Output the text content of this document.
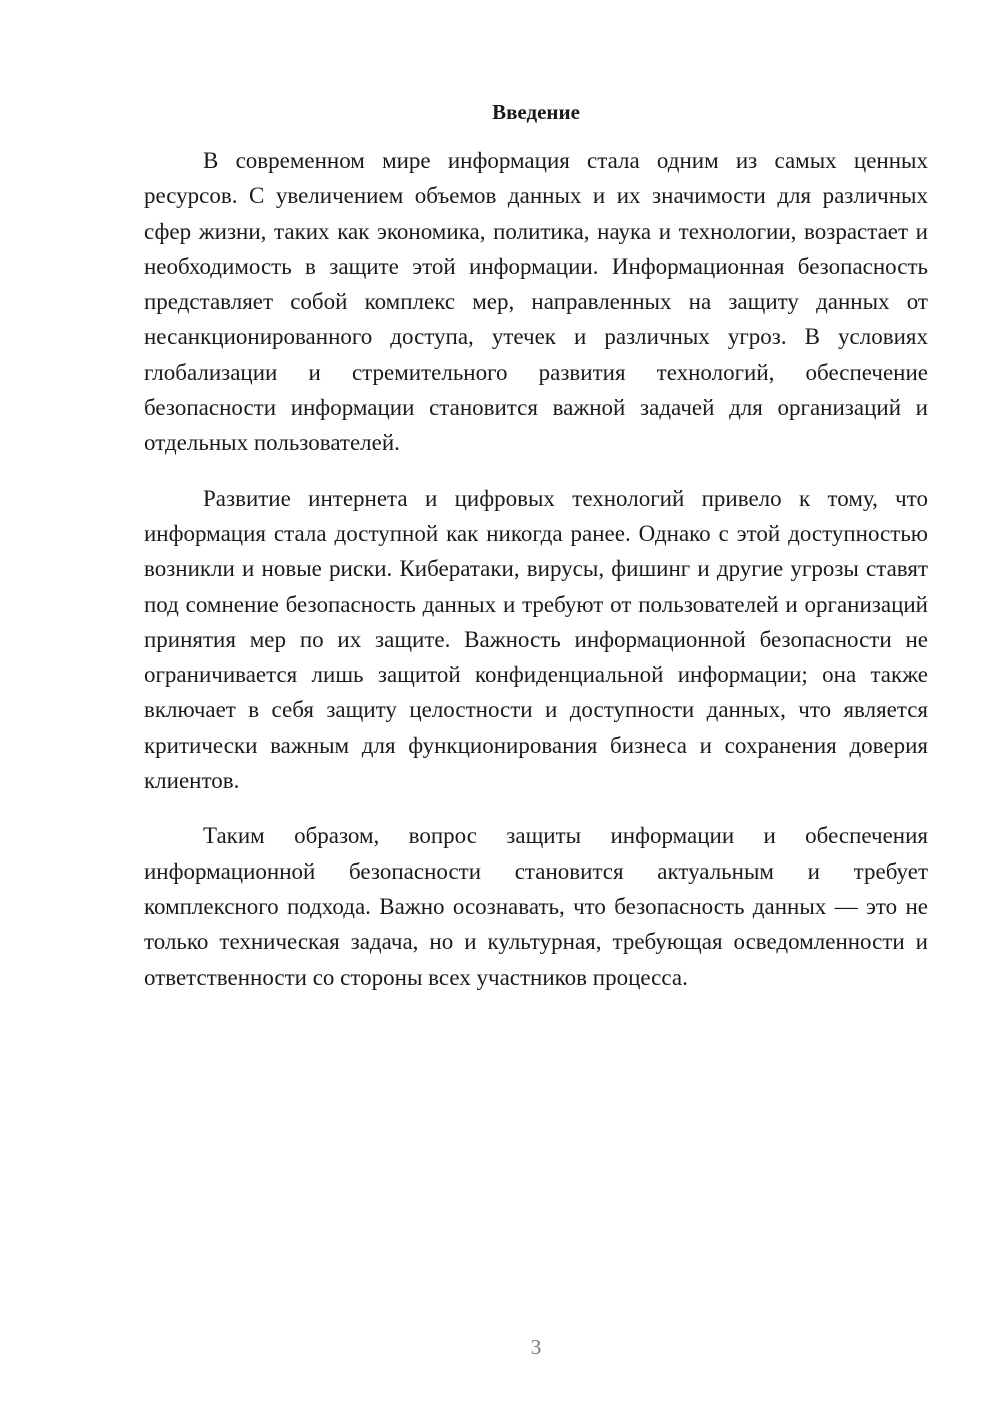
Введение

В современном мире информация стала одним из самых ценных ресурсов. С увеличением объемов данных и их значимости для различных сфер жизни, таких как экономика, политика, наука и технологии, возрастает и необходимость в защите этой информации. Информационная безопасность представляет собой комплекс мер, направленных на защиту данных от несанкционированного доступа, утечек и различных угроз. В условиях глобализации и стремительного развития технологий, обеспечение безопасности информации становится важной задачей для организаций и отдельных пользователей.

Развитие интернета и цифровых технологий привело к тому, что информация стала доступной как никогда ранее. Однако с этой доступностью возникли и новые риски. Кибератаки, вирусы, фишинг и другие угрозы ставят под сомнение безопасность данных и требуют от пользователей и организаций принятия мер по их защите. Важность информационной безопасности не ограничивается лишь защитой конфиденциальной информации; она также включает в себя защиту целостности и доступности данных, что является критически важным для функционирования бизнеса и сохранения доверия клиентов.

Таким образом, вопрос защиты информации и обеспечения информационной безопасности становится актуальным и требует комплексного подхода. Важно осознавать, что безопасность данных — это не только техническая задача, но и культурная, требующая осведомленности и ответственности со стороны всех участников процесса.

3
